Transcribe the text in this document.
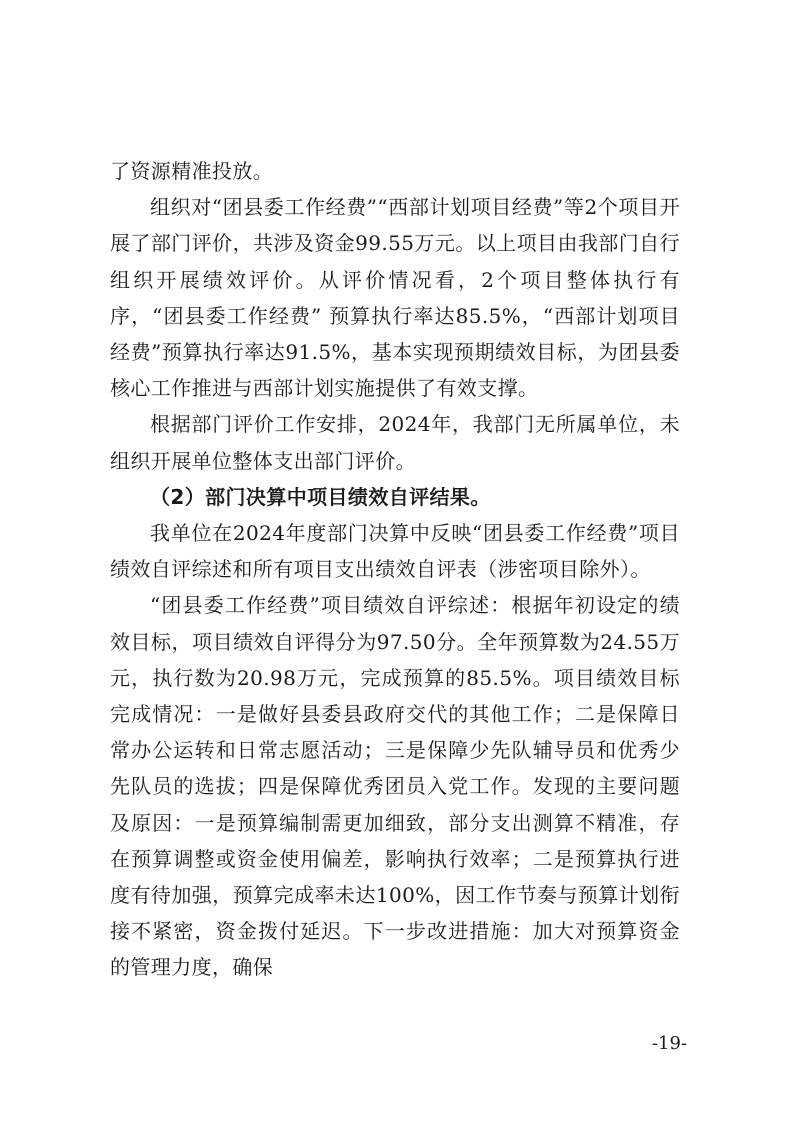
了资源精准投放。

组织对“团县委工作经费”“西部计划项目经费”等2个项目开展了部门评价，共涉及资金99.55万元。以上项目由我部门自行组织开展绩效评价。从评价情况看，2个项目整体执行有序，“团县委工作经费” 预算执行率达85.5%，“西部计划项目经费”预算执行率达91.5%，基本实现预期绩效目标，为团县委核心工作推进与西部计划实施提供了有效支撑。

根据部门评价工作安排，2024年，我部门无所属单位，未组织开展单位整体支出部门评价。

（2）部门决算中项目绩效自评结果。

我单位在2024年度部门决算中反映“团县委工作经费”项目绩效自评综述和所有项目支出绩效自评表（涉密项目除外）。

“团县委工作经费”项目绩效自评综述：根据年初设定的绩效目标，项目绩效自评得分为97.50分。全年预算数为24.55万元，执行数为20.98万元，完成预算的85.5%。项目绩效目标完成情况：一是做好县委县政府交代的其他工作；二是保障日常办公运转和日常志愿活动；三是保障少先队辅导员和优秀少先队员的选拔；四是保障优秀团员入党工作。发现的主要问题及原因：一是预算编制需更加细致，部分支出测算不精准，存在预算调整或资金使用偏差，影响执行效率；二是预算执行进度有待加强，预算完成率未达100%，因工作节奏与预算计划衔接不紧密，资金拨付延迟。下一步改进措施：加大对预算资金的管理力度，确保

-19-
